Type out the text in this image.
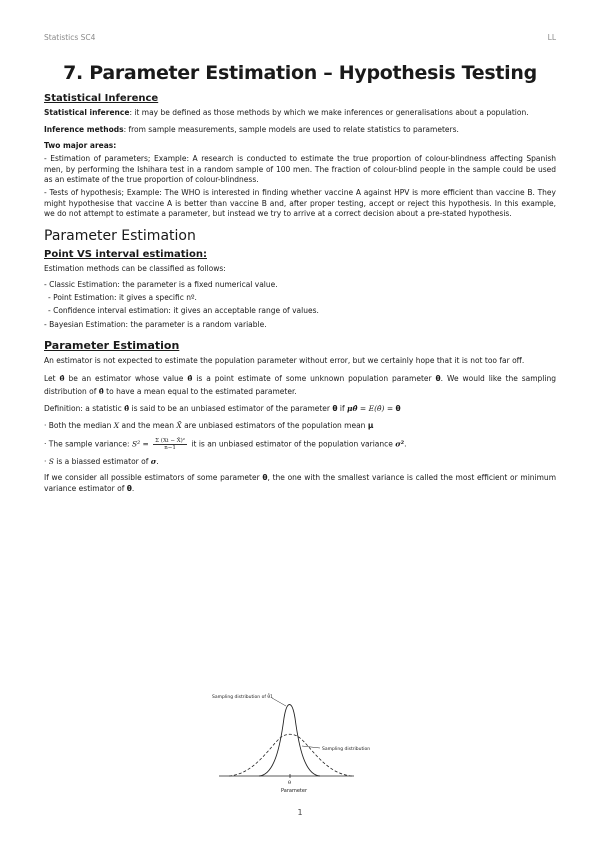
Statistics SC4	LL
7. Parameter Estimation – Hypothesis Testing
Statistical Inference

Statistical inference: it may be defined as those methods by which we make inferences or generalisations about a population.

Inference methods: from sample measurements, sample models are used to relate statistics to parameters.

Two major areas:

- Estimation of parameters; Example: A research is conducted to estimate the true proportion of colour-blindness affecting Spanish men, by performing the Ishihara test in a random sample of 100 men. The fraction of colour-blind people in the sample could be used as an estimate of the true proportion of colour-blindness.

- Tests of hypothesis; Example: The WHO is interested in finding whether vaccine A against HPV is more efficient than vaccine B. They might hypothesise that vaccine A is better than vaccine B and, after proper testing, accept or reject this hypothesis. In this example, we do not attempt to estimate a parameter, but instead we try to arrive at a correct decision about a pre-stated hypothesis.

Parameter Estimation
Point VS interval estimation:

Estimation methods can be classified as follows:

- Classic Estimation: the parameter is a fixed numerical value.

- Point Estimation: it gives a specific nº.

- Confidence interval estimation: it gives an acceptable range of values.

- Bayesian Estimation: the parameter is a random variable.

Parameter Estimation

An estimator is not expected to estimate the population parameter without error, but we certainly hope that it is not too far off.

Let θ̂ be an estimator whose value θ̂ is a point estimate of some unknown population parameter θ. We would like the sampling distribution of θ̂ to have a mean equal to the estimated parameter.

Definition: a statistic θ̂ is said to be an unbiased estimator of the parameter θ if μθ̂ = E(θ̂) = θ

· Both the median X and the mean X̄ are unbiased estimators of the population mean μ

· The sample variance: $S^2 = \frac{\text{Σ (Xi − X̄)²}}{n-1}$ it is an unbiased estimator of the population variance σ².

· S is a biassed estimator of σ.

If we consider all possible estimators of some parameter θ, the one with the smallest variance is called the most efficient or minimum variance estimator of θ.

Sampling distribution of θ̂1
Sampling distribution
θ
Parameter
1
